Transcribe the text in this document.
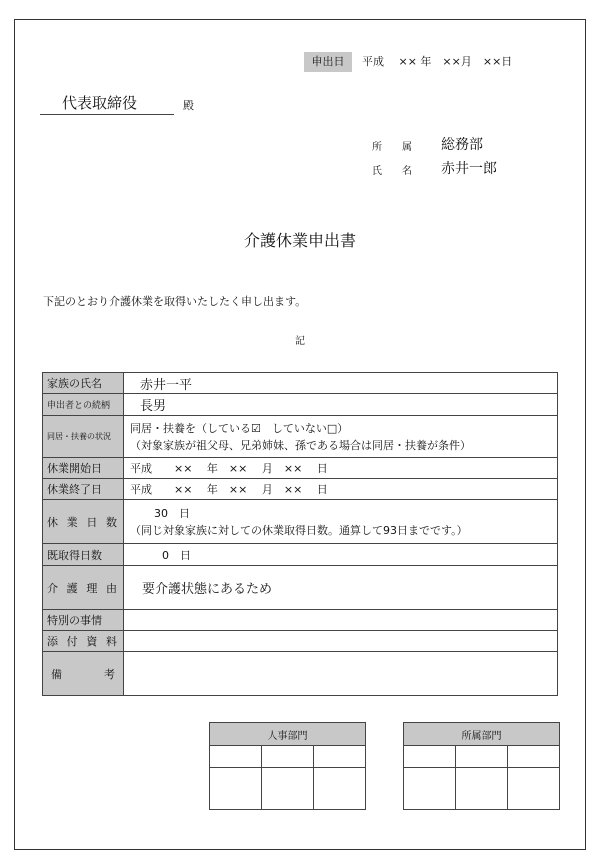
申出日	平成　 ×× 年　××月　××日
代表取締役	殿
所　　属	総務部
氏　　名	赤井一郎
介護休業申出書
下記のとおり介護休業を取得いたしたく申し出ます。
記
家族の氏名	赤井一平
申出者との続柄	長男
同居・扶養の状況	同居・扶養を（している☑　していない□）
（対象家族が祖父母、兄弟姉妹、孫である場合は同居・扶養が条件）

休業開始日	平成　　××　 年　××　 月　××　 日
休業終了日	平成　　××　 年　××　 月　××　 日
休業日数	30　日
（同じ対象家族に対しての休業取得日数。通算して93日までです。）

既取得日数	0　日
介護理由	要介護状態にあるため
特別の事情	
添付資料	
備考	
人事部門		

			所属部門		
